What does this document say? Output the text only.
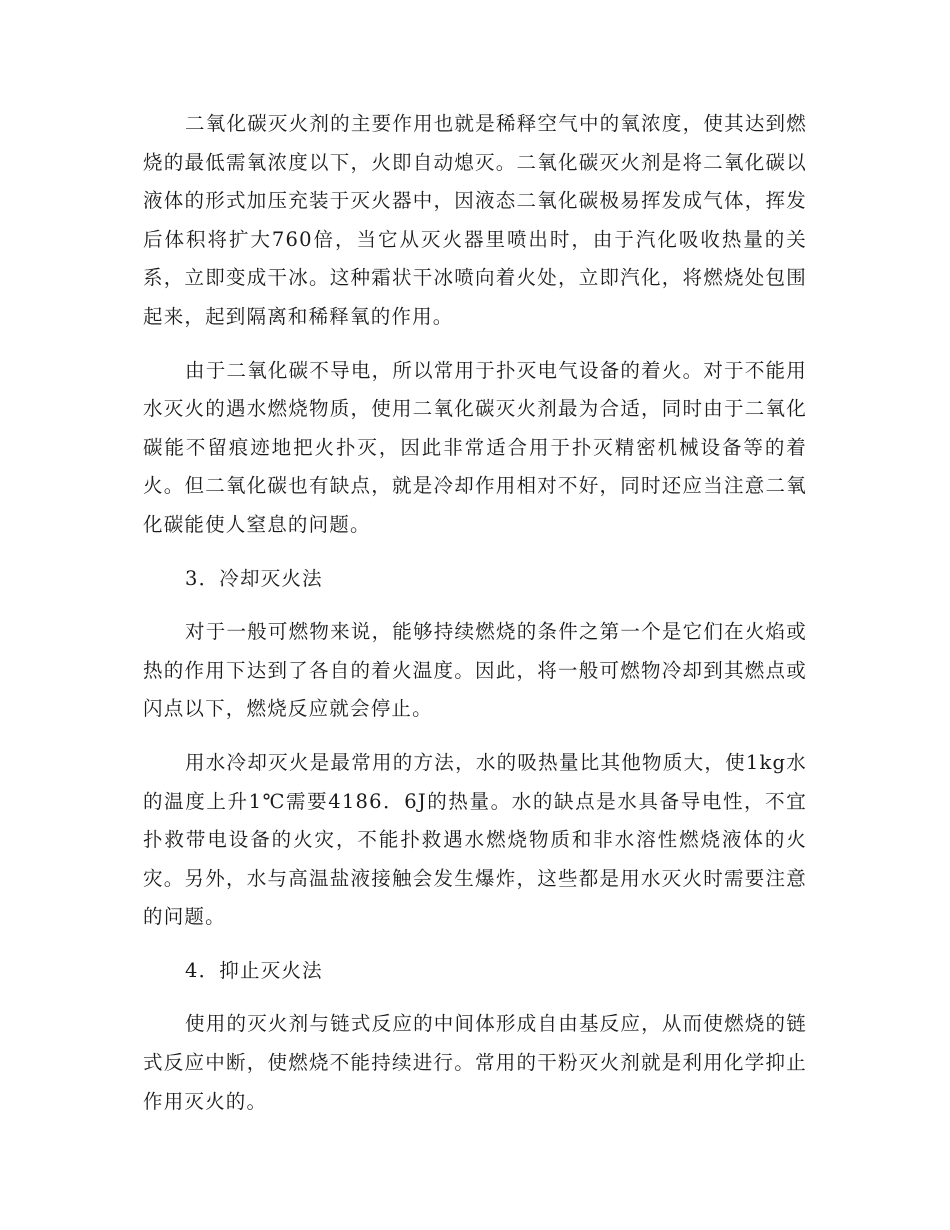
二氧化碳灭火剂的主要作用也就是稀释空气中的氧浓度，使其达到燃烧的最低需氧浓度以下，火即自动熄灭。二氧化碳灭火剂是将二氧化碳以液体的形式加压充装于灭火器中，因液态二氧化碳极易挥发成气体，挥发后体积将扩大760倍，当它从灭火器里喷出时，由于汽化吸收热量的关系，立即变成干冰。这种霜状干冰喷向着火处，立即汽化，将燃烧处包围起来，起到隔离和稀释氧的作用。

由于二氧化碳不导电，所以常用于扑灭电气设备的着火。对于不能用水灭火的遇水燃烧物质，使用二氧化碳灭火剂最为合适，同时由于二氧化碳能不留痕迹地把火扑灭，因此非常适合用于扑灭精密机械设备等的着火。但二氧化碳也有缺点，就是冷却作用相对不好，同时还应当注意二氧化碳能使人窒息的问题。

3．冷却灭火法

对于一般可燃物来说，能够持续燃烧的条件之第一个是它们在火焰或热的作用下达到了各自的着火温度。因此，将一般可燃物冷却到其燃点或闪点以下，燃烧反应就会停止。

用水冷却灭火是最常用的方法，水的吸热量比其他物质大，使1kg水的温度上升1℃需要4186．6J的热量。水的缺点是水具备导电性，不宜扑救带电设备的火灾，不能扑救遇水燃烧物质和非水溶性燃烧液体的火灾。另外，水与高温盐液接触会发生爆炸，这些都是用水灭火时需要注意的问题。

4．抑止灭火法

使用的灭火剂与链式反应的中间体形成自由基反应，从而使燃烧的链式反应中断，使燃烧不能持续进行。常用的干粉灭火剂就是利用化学抑止作用灭火的。
